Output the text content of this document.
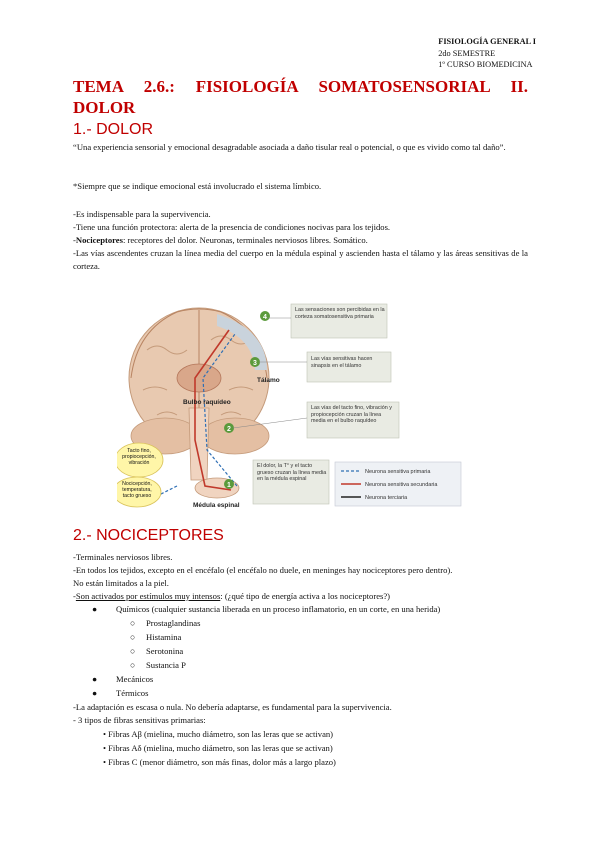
FISIOLOGÍA GENERAL I
2do SEMESTRE
1º CURSO BIOMEDICINA
TEMA 2.6.: FISIOLOGÍA SOMATOSENSORIAL II.
DOLOR
1.- DOLOR
“Una experiencia sensorial y emocional desagradable asociada a daño tisular real o potencial, o que es vivido como tal daño”.
*Siempre que se indique emocional está involucrado el sistema límbico.
-Es indispensable para la supervivencia.
-Tiene una función protectora: alerta de la presencia de condiciones nocivas para los tejidos.
-Nociceptores: receptores del dolor. Neuronas, terminales nerviosos libres. Somático.
-Las vías ascendentes cruzan la línea media del cuerpo en la médula espinal y ascienden hasta el tálamo y las áreas sensitivas de la corteza.
4
3
2
1
Tálamo
Bulbo raquídeo
Médula espinal
Tacto fino, propiocepción, vibración
Nocicepción, temperatura, tacto grueso
Las sensaciones son percibidas en la corteza somatosensitiva primaria
Las vías sensitivas hacen sinapsis en el tálamo
Las vías del tacto fino, vibración y propiocepción cruzan la línea media en el bulbo raquídeo
El dolor, la T° y el tacto grueso cruzan la línea media en la médula espinal
Neurona sensitiva primaria
Neurona sensitiva secundaria
Neurona terciaria
2.- NOCICEPTORES
-Terminales nerviosos libres.
-En todos los tejidos, excepto en el encéfalo (el encéfalo no duele, en meninges hay nociceptores pero dentro).
No están limitados a la piel.
-Son activados por estímulos muy intensos: (¿qué tipo de energía activa a los nociceptores?)
● Químicos (cualquier sustancia liberada en un proceso inflamatorio, en un corte, en una herida)
○ Prostaglandinas
○ Histamina
○ Serotonina
○ Sustancia P
● Mecánicos
● Térmicos
-La adaptación es escasa o nula. No debería adaptarse, es fundamental para la supervivencia.
- 3 tipos de fibras sensitivas primarias:
• Fibras Aβ (mielina, mucho diámetro, son las leras que se activan)
• Fibras Aδ (mielina, mucho diámetro, son las leras que se activan)
• Fibras C (menor diámetro, son más finas, dolor más a largo plazo)
